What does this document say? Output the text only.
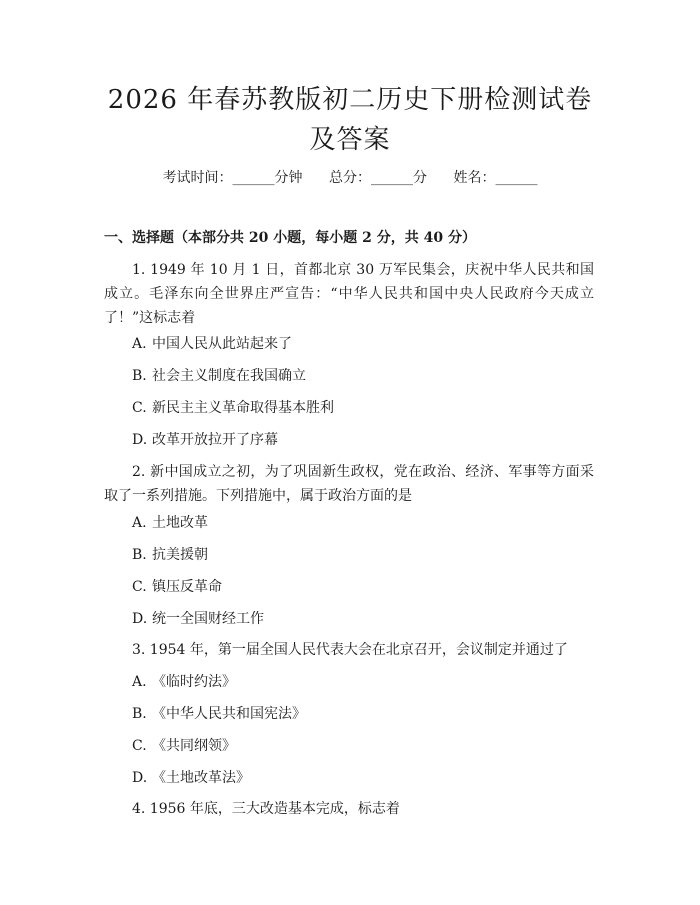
2026 年春苏教版初二历史下册检测试卷及答案
考试时间：______分钟 总分：______分 姓名：______
一、选择题（本部分共 20 小题，每小题 2 分，共 40 分）
1. 1949 年 10 月 1 日，首都北京 30 万军民集会，庆祝中华人民共和国成立。毛泽东向全世界庄严宣告：“中华人民共和国中央人民政府今天成立了！”这标志着
A. 中国人民从此站起来了
B. 社会主义制度在我国确立
C. 新民主主义革命取得基本胜利
D. 改革开放拉开了序幕
2. 新中国成立之初，为了巩固新生政权，党在政治、经济、军事等方面采取了一系列措施。下列措施中，属于政治方面的是
A. 土地改革
B. 抗美援朝
C. 镇压反革命
D. 统一全国财经工作
3. 1954 年，第一届全国人民代表大会在北京召开，会议制定并通过了
A. 《临时约法》
B. 《中华人民共和国宪法》
C. 《共同纲领》
D. 《土地改革法》
4. 1956 年底，三大改造基本完成，标志着
